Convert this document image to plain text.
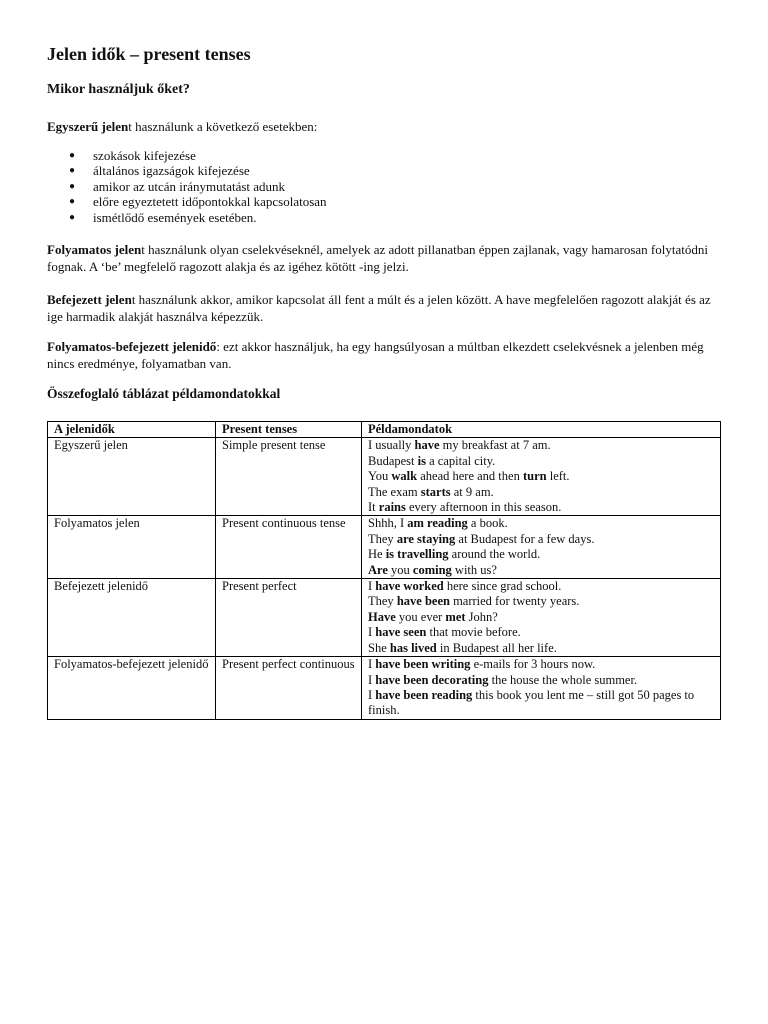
Jelen idők – present tenses
Mikor használjuk őket?

Egyszerű jelent használunk a következő esetekben:

● szokások kifejezése
● általános igazságok kifejezése
● amikor az utcán iránymutatást adunk
● előre egyeztetett időpontokkal kapcsolatosan
● ismétlődő események esetében.

Folyamatos jelent használunk olyan cselekvéseknél, amelyek az adott pillanatban éppen zajlanak, vagy hamarosan folytatódni fognak. A ‘be’ megfelelő ragozott alakja és az igéhez kötött -ing jelzi.

Befejezett jelent használunk akkor, amikor kapcsolat áll fent a múlt és a jelen között. A have megfelelően ragozott alakját és az ige harmadik alakját használva képezzük.

Folyamatos-befejezett jelenidő: ezt akkor használjuk, ha egy hangsúlyosan a múltban elkezdett cselekvésnek a jelenben még nincs eredménye, folyamatban van.

Összefoglaló táblázat példamondatokkal
A jelenidők	Present tenses	Példamondatok
Egyszerű jelen	Simple present tense	I usually have my breakfast at 7 am.
Budapest is a capital city.
You walk ahead here and then turn left.
The exam starts at 9 am.
It rains every afternoon in this season.

Folyamatos jelen	Present continuous tense	Shhh, I am reading a book.
They are staying at Budapest for a few days.
He is travelling around the world.
Are you coming with us?

Befejezett jelenidő	Present perfect	I have worked here since grad school.
They have been married for twenty years.
Have you ever met John?
I have seen that movie before.
She has lived in Budapest all her life.

Folyamatos-befejezett jelenidő	Present perfect continuous	I have been writing e-mails for 3 hours now.
I have been decorating the house the whole summer.
I have been reading this book you lent me – still got 50 pages to finish.
